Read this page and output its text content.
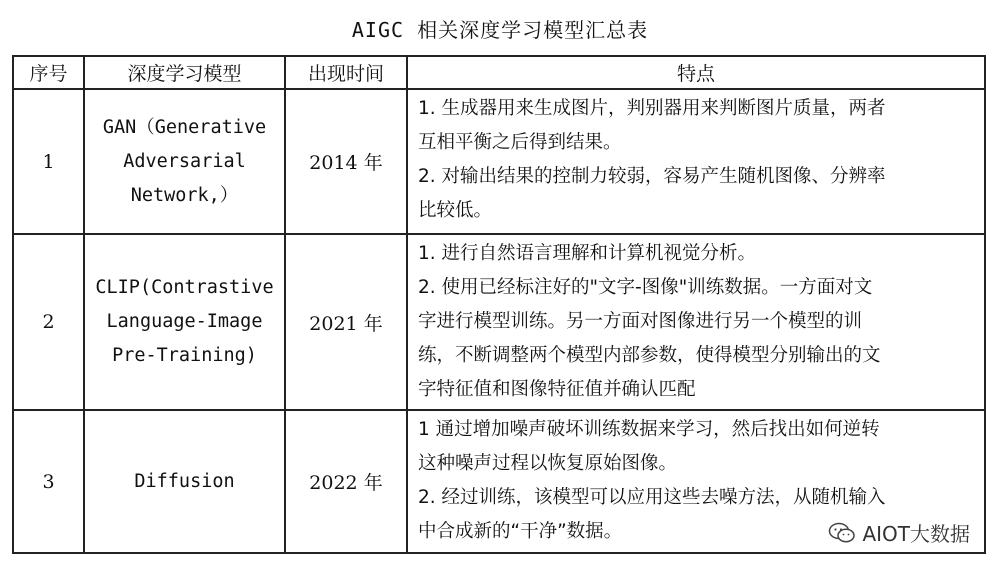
AIGC 相关深度学习模型汇总表
序号	深度学习模型	出现时间	特点
1	GAN（Generative
Adversarial
Network,）	2014 年	1. 生成器用来生成图片，判别器用来判断图片质量，两者
互相平衡之后得到结果。
2. 对输出结果的控制力较弱，容易产生随机图像、分辨率
比较低。

2	CLIP(Contrastive
Language-Image
Pre-Training)	2021 年	1. 进行自然语言理解和计算机视觉分析。
2. 使用已经标注好的"文字-图像"训练数据。一方面对文
字进行模型训练。另一方面对图像进行另一个模型的训
练，不断调整两个模型内部参数，使得模型分别输出的文
字特征值和图像特征值并确认匹配

3	Diffusion	2022 年	1 通过增加噪声破坏训练数据来学习，然后找出如何逆转
这种噪声过程以恢复原始图像。
2. 经过训练，该模型可以应用这些去噪方法，从随机输入
中合成新的“干净”数据。	AIOT大数据
